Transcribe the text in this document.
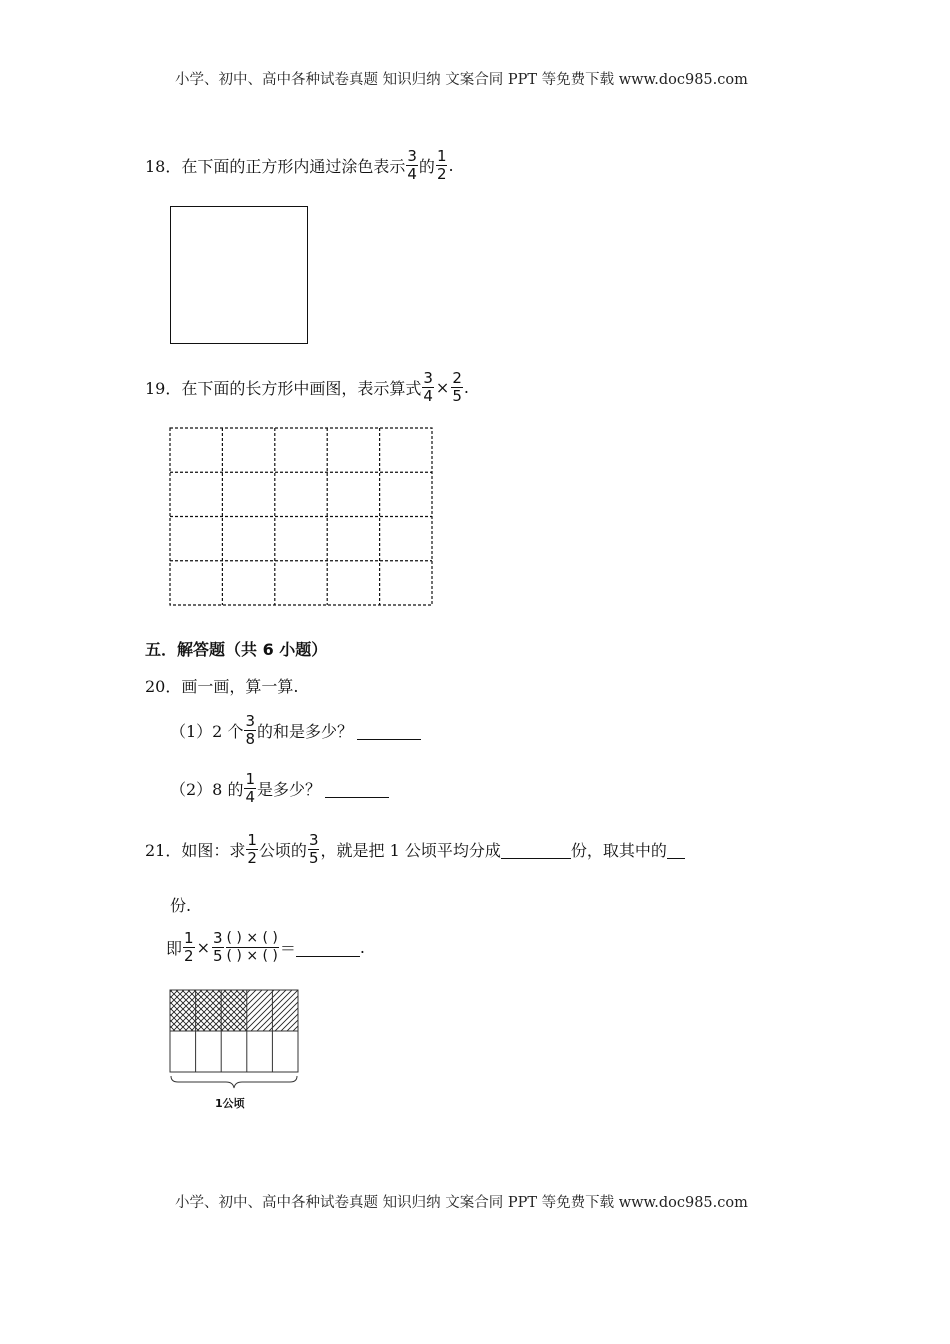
小学、初中、高中各种试卷真题 知识归纳 文案合同 PPT 等免费下载 www.doc985.com
18．在下面的正方形内通过涂色表示 $\frac{3}{4}$ 的 $\frac{1}{2}$ .
19．在下面的长方形中画图，表示算式 $\frac{3}{4} \times \frac{2}{5}$ .
五．解答题（共 6 小题）
20．画一画，算一算.
（1）2 个 $\frac{3}{8}$ 的和是多少？
（2）8 的 $\frac{1}{4}$ 是多少？
21．如图：求 $\frac{1}{2}$ 公顷的 $\frac{3}{5}$ ，就是把 1 公顷平均分成	份，取其中的
份.
即 $\frac{1}{2} \times \frac{3}{5} \frac{( ) \times ( )}{( ) \times ( )}$ ＝	.
1公顷
小学、初中、高中各种试卷真题 知识归纳 文案合同 PPT 等免费下载 www.doc985.com
